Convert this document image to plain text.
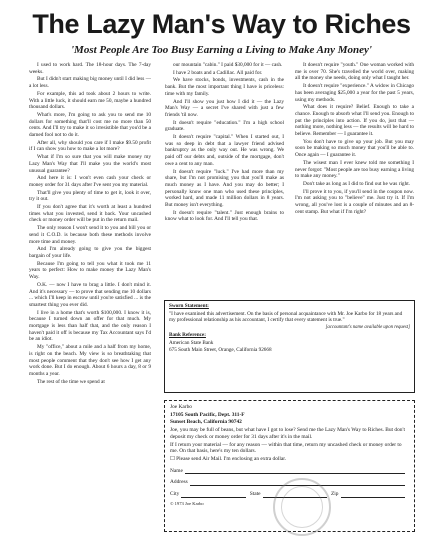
The Lazy Man's Way to Riches
'Most People Are Too Busy Earning a Living to Make Any Money'

I used to work hard. The 18-hour days. The 7-day weeks.

But I didn't start making big money until I did less — a lot less.

For example, this ad took about 2 hours to write. With a little luck, it should earn me 50, maybe a hundred thousand dollars.

What's more, I'm going to ask you to send me 10 dollars for something that'll cost me no more than 50 cents. And I'll try to make it so irresistible that you'd be a darned fool not to do it.

After all, why should you care if I make $9.50 profit if I can show you how to make a lot more?

What if I'm so sure that you will make money my Lazy Man's Way that I'll make you the world's most unusual guarantee?

And here it is: I won't even cash your check or money order for 31 days after I've sent you my material.

That'll give you plenty of time to get it, look it over, try it out.

If you don't agree that it's worth at least a hundred times what you invested, send it back. Your uncashed check or money order will be put in the return mail.

The only reason I won't send it to you and bill you or send it C.O.D. is because both these methods involve more time and money.

And I'm already going to give you the biggest bargain of your life.

Because I'm going to tell you what it took me 11 years to perfect: How to make money the Lazy Man's Way.

O.K. — now I have to brag a little. I don't mind it. And it's necessary — to prove that sending me 10 dollars ... which I'll keep in escrow until you're satisfied ... is the smartest thing you ever did.

I live in a home that's worth $100,000. I know it is, because I turned down an offer for that much. My mortgage is less than half that, and the only reason I haven't paid it off is because my Tax Accountant says I'd be an idiot.

My "office," about a mile and a half from my home, is right on the beach. My view is so breathtaking that most people comment that they don't see how I get any work done. But I do enough. About 6 hours a day, 8 or 9 months a year.

The rest of the time we spend at

our mountain "cabin." I paid $30,000 for it — cash.

I have 2 boats and a Cadillac. All paid for.

We have stocks, bonds, investments, cash in the bank. But the most important thing I have is priceless: time with my family.

And I'll show you just how I did it — the Lazy Man's Way — a secret I've shared with just a few friends 'til now.

It doesn't require "education." I'm a high school graduate.

It doesn't require "capital." When I started out, I was so deep in debt that a lawyer friend advised bankruptcy as the only way out. He was wrong. We paid off our debts and, outside of the mortgage, don't owe a cent to any man.

It doesn't require "luck." I've had more than my share, but I'm not promising you that you'll make as much money as I have. And you may do better; I personally know one man who used these principles, worked hard, and made 11 million dollars in 8 years. But money isn't everything.

It doesn't require "talent." Just enough brains to know what to look for. And I'll tell you that.

It doesn't require "youth." One woman worked with me is over 70. She's travelled the world over, making all the money she needs, doing only what I taught her.

It doesn't require "experience." A widow in Chicago has been averaging $25,000 a year for the past 5 years, using my methods.

What does it require? Belief. Enough to take a chance. Enough to absorb what I'll send you. Enough to put the principles into action. If you do, just that — nothing more, nothing less — the results will be hard to believe. Remember — I guarantee it.

You don't have to give up your job. But you may soon be making so much money that you'll be able to. Once again — I guarantee it.

The wisest man I ever knew told me something I never forgot: "Most people are too busy earning a living to make any money."

Don't take as long as I did to find out he was right.

I'll prove it to you, if you'll send in the coupon now. I'm not asking you to "believe" me. Just try it. If I'm wrong, all you've lost is a couple of minutes and an 8-cent stamp. But what if I'm right?

Sworn Statement:

"I have examined this advertisement. On the basis of personal acquaintance with Mr. Joe Karbo for 18 years and my professional relationship as his accountant, I certify that every statement is true."

[accountant's name available upon request]

Bank Reference:

American State Bank

675 South Main Street, Orange, California 92668

Joe Karbo

17105 South Pacific, Dept. 311-F

Sunset Beach, California 90742

Joe, you may be full of beans, but what have I got to lose? Send me the Lazy Man's Way to Riches. But don't deposit my check or money order for 31 days after it's in the mail.

If I return your material — for any reason — within that time, return my uncashed check or money order to me. On that basis, here's my ten dollars.

☐ Please send Air Mail. I'm enclosing an extra dollar.

Name
Address
City	State	Zip

© 1973 Joe Karbo
